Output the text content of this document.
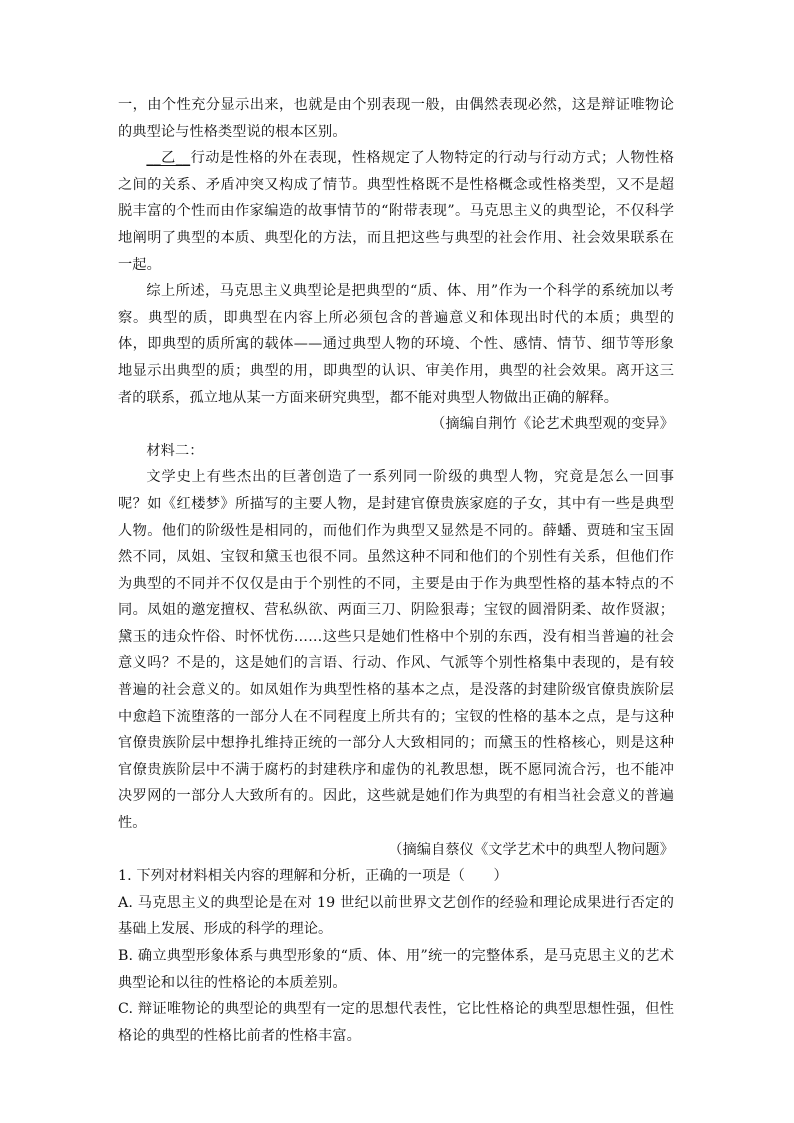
一，由个性充分显示出来，也就是由个别表现一般，由偶然表现必然，这是辩证唯物论的典型论与性格类型说的根本区别。

__乙__行动是性格的外在表现，性格规定了人物特定的行动与行动方式；人物性格之间的关系、矛盾冲突又构成了情节。典型性格既不是性格概念或性格类型，又不是超脱丰富的个性而由作家编造的故事情节的“附带表现”。马克思主义的典型论，不仅科学地阐明了典型的本质、典型化的方法，而且把这些与典型的社会作用、社会效果联系在一起。

综上所述，马克思主义典型论是把典型的“质、体、用”作为一个科学的系统加以考察。典型的质，即典型在内容上所必须包含的普遍意义和体现出时代的本质；典型的体，即典型的质所寓的载体——通过典型人物的环境、个性、感情、情节、细节等形象地显示出典型的质；典型的用，即典型的认识、审美作用，典型的社会效果。离开这三者的联系，孤立地从某一方面来研究典型，都不能对典型人物做出正确的解释。

（摘编自荆竹《论艺术典型观的变异》

材料二：

文学史上有些杰出的巨著创造了一系列同一阶级的典型人物，究竟是怎么一回事呢？如《红楼梦》所描写的主要人物，是封建官僚贵族家庭的子女，其中有一些是典型人物。他们的阶级性是相同的，而他们作为典型又显然是不同的。薛蟠、贾琏和宝玉固然不同，凤姐、宝钗和黛玉也很不同。虽然这种不同和他们的个别性有关系，但他们作为典型的不同并不仅仅是由于个别性的不同，主要是由于作为典型性格的基本特点的不同。凤姐的邀宠擅权、营私纵欲、两面三刀、阴险狠毒；宝钗的圆滑阴柔、故作贤淑；黛玉的违众忤俗、时怀忧伤……这些只是她们性格中个别的东西，没有相当普遍的社会意义吗？不是的，这是她们的言语、行动、作风、气派等个别性格集中表现的，是有较普遍的社会意义的。如凤姐作为典型性格的基本之点，是没落的封建阶级官僚贵族阶层中愈趋下流堕落的一部分人在不同程度上所共有的；宝钗的性格的基本之点，是与这种官僚贵族阶层中想挣扎维持正统的一部分人大致相同的；而黛玉的性格核心，则是这种官僚贵族阶层中不满于腐朽的封建秩序和虚伪的礼教思想，既不愿同流合污，也不能冲决罗网的一部分人大致所有的。因此，这些就是她们作为典型的有相当社会意义的普遍性。

（摘编自蔡仪《文学艺术中的典型人物问题》

1. 下列对材料相关内容的理解和分析，正确的一项是（　　）

A. 马克思主义的典型论是在对 19 世纪以前世界文艺创作的经验和理论成果进行否定的基础上发展、形成的科学的理论。

B. 确立典型形象体系与典型形象的“质、体、用”统一的完整体系，是马克思主义的艺术典型论和以往的性格论的本质差别。

C. 辩证唯物论的典型论的典型有一定的思想代表性，它比性格论的典型思想性强，但性格论的典型的性格比前者的性格丰富。
